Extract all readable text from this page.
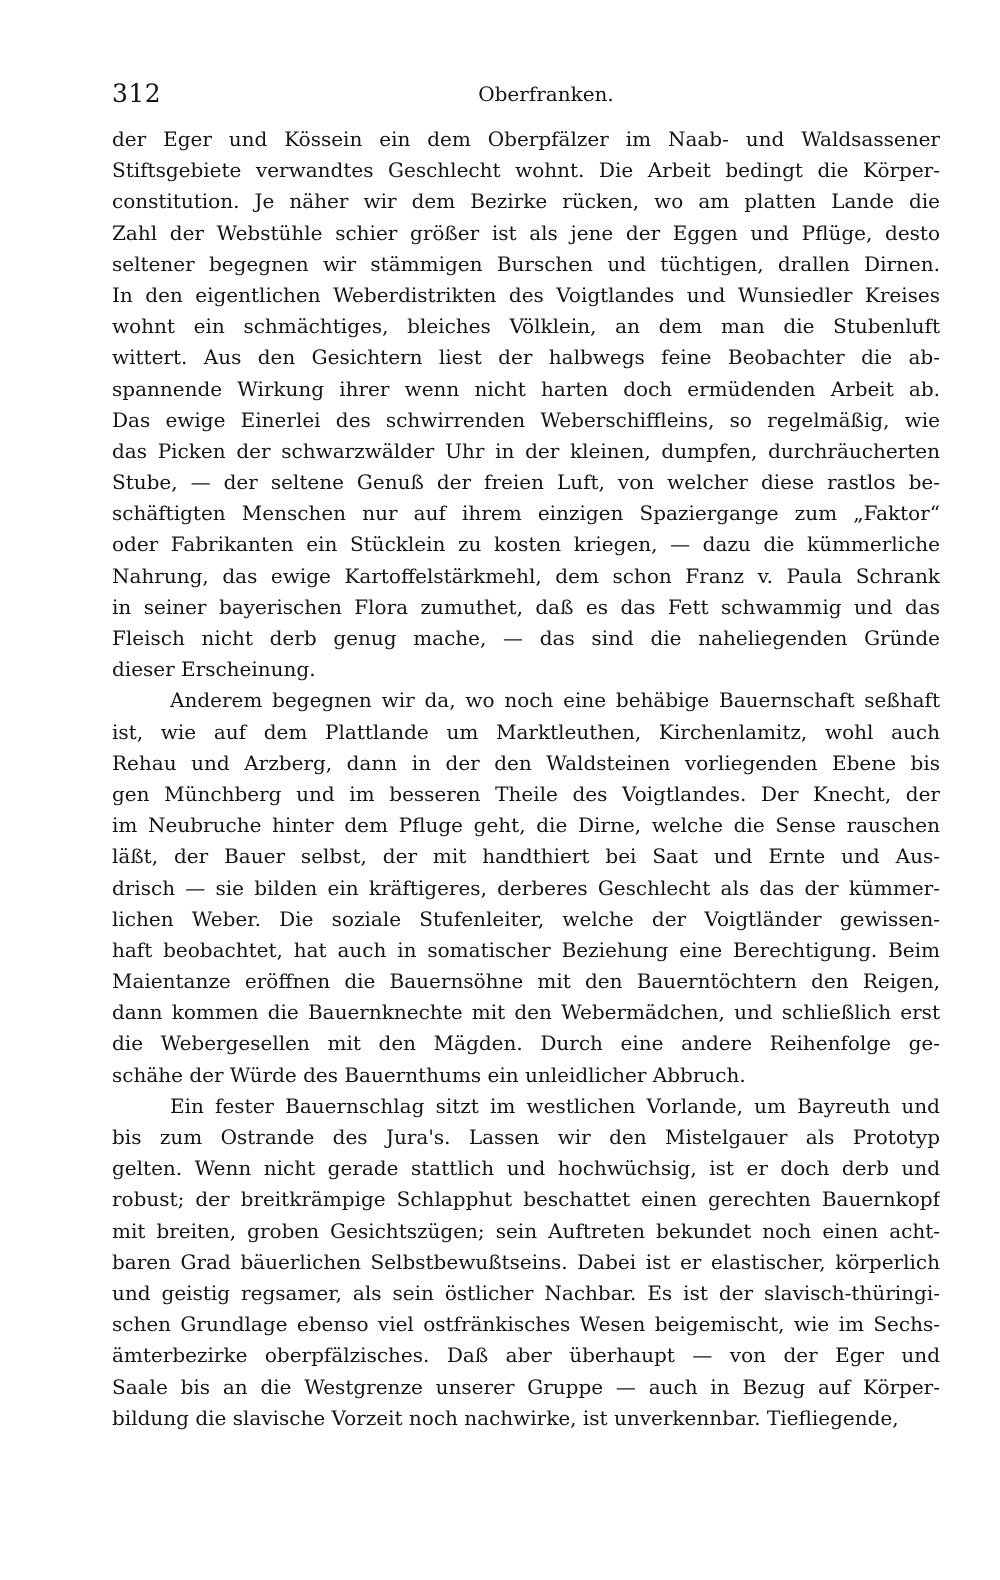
312	Oberfranken.
der Eger und Kössein ein dem Oberpfälzer im Naab- und Waldsassener
Stiftsgebiete verwandtes Geschlecht wohnt. Die Arbeit bedingt die Körper-
constitution. Je näher wir dem Bezirke rücken, wo am platten Lande die
Zahl der Webstühle schier größer ist als jene der Eggen und Pflüge, desto
seltener begegnen wir stämmigen Burschen und tüchtigen, drallen Dirnen.
In den eigentlichen Weberdistrikten des Voigtlandes und Wunsiedler Kreises
wohnt ein schmächtiges, bleiches Völklein, an dem man die Stubenluft
wittert. Aus den Gesichtern liest der halbwegs feine Beobachter die ab-
spannende Wirkung ihrer wenn nicht harten doch ermüdenden Arbeit ab.
Das ewige Einerlei des schwirrenden Weberschiffleins, so regelmäßig, wie
das Picken der schwarzwälder Uhr in der kleinen, dumpfen, durchräucherten
Stube, — der seltene Genuß der freien Luft, von welcher diese rastlos be-
schäftigten Menschen nur auf ihrem einzigen Spaziergange zum „Faktor“
oder Fabrikanten ein Stücklein zu kosten kriegen, — dazu die kümmerliche
Nahrung, das ewige Kartoffelstärkmehl, dem schon Franz v. Paula Schrank
in seiner bayerischen Flora zumuthet, daß es das Fett schwammig und das
Fleisch nicht derb genug mache, — das sind die naheliegenden Gründe
dieser Erscheinung.
Anderem begegnen wir da, wo noch eine behäbige Bauernschaft seßhaft
ist, wie auf dem Plattlande um Marktleuthen, Kirchenlamitz, wohl auch
Rehau und Arzberg, dann in der den Waldsteinen vorliegenden Ebene bis
gen Münchberg und im besseren Theile des Voigtlandes. Der Knecht, der
im Neubruche hinter dem Pfluge geht, die Dirne, welche die Sense rauschen
läßt, der Bauer selbst, der mit handthiert bei Saat und Ernte und Aus-
drisch — sie bilden ein kräftigeres, derberes Geschlecht als das der kümmer-
lichen Weber. Die soziale Stufenleiter, welche der Voigtländer gewissen-
haft beobachtet, hat auch in somatischer Beziehung eine Berechtigung. Beim
Maientanze eröffnen die Bauernsöhne mit den Bauerntöchtern den Reigen,
dann kommen die Bauernknechte mit den Webermädchen, und schließlich erst
die Webergesellen mit den Mägden. Durch eine andere Reihenfolge ge-
schähe der Würde des Bauernthums ein unleidlicher Abbruch.
Ein fester Bauernschlag sitzt im westlichen Vorlande, um Bayreuth und
bis zum Ostrande des Jura's. Lassen wir den Mistelgauer als Prototyp
gelten. Wenn nicht gerade stattlich und hochwüchsig, ist er doch derb und
robust; der breitkrämpige Schlapphut beschattet einen gerechten Bauernkopf
mit breiten, groben Gesichtszügen; sein Auftreten bekundet noch einen acht-
baren Grad bäuerlichen Selbstbewußtseins. Dabei ist er elastischer, körperlich
und geistig regsamer, als sein östlicher Nachbar. Es ist der slavisch-thüringi-
schen Grundlage ebenso viel ostfränkisches Wesen beigemischt, wie im Sechs-
ämterbezirke oberpfälzisches. Daß aber überhaupt — von der Eger und
Saale bis an die Westgrenze unserer Gruppe — auch in Bezug auf Körper-
bildung die slavische Vorzeit noch nachwirke, ist unverkennbar. Tiefliegende,
